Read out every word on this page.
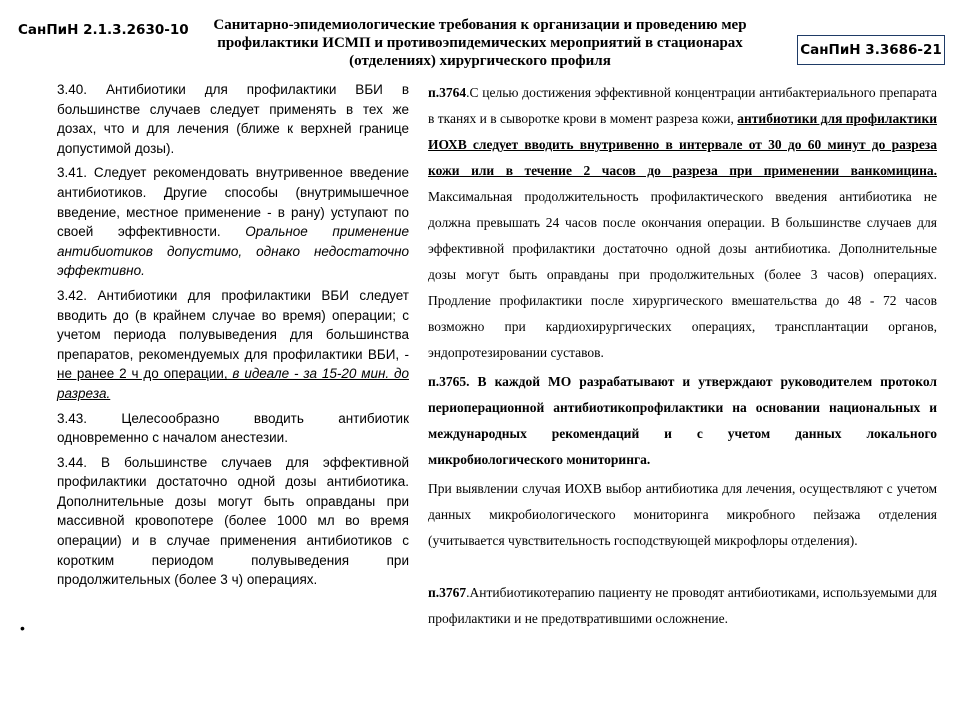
СанПиН 2.1.3.2630-10	Санитарно-эпидемиологические требования к организации и проведению мер профилактики ИСМП и противоэпидемических мероприятий в стационарах (отделениях) хирургического профиля
СанПиН 3.3686-21

3.40. Антибиотики для профилактики ВБИ в большинстве случаев следует применять в тех же дозах, что и для лечения (ближе к верхней границе допустимой дозы).

3.41. Следует рекомендовать внутривенное введение антибиотиков. Другие способы (внутримышечное введение, местное применение - в рану) уступают по своей эффективности. Оральное применение антибиотиков допустимо, однако недостаточно эффективно.

3.42. Антибиотики для профилактики ВБИ следует вводить до (в крайнем случае во время) операции; с учетом периода полувыведения для большинства препаратов, рекомендуемых для профилактики ВБИ, - не ранее 2 ч до операции, в идеале - за 15-20 мин. до разреза.

3.43. Целесообразно вводить антибиотик одновременно с началом анестезии.

3.44. В большинстве случаев для эффективной профилактики достаточно одной дозы антибиотика. Дополнительные дозы могут быть оправданы при массивной кровопотере (более 1000 мл во время операции) и в случае применения антибиотиков с коротким периодом полувыведения при продолжительных (более 3 ч) операциях.

•

п.3764.С целью достижения эффективной концентрации антибактериального препарата в тканях и в сыворотке крови в момент разреза кожи, антибиотики для профилактики ИОХВ следует вводить внутривенно в интервале от 30 до 60 минут до разреза кожи или в течение 2 часов до разреза при применении ванкомицина. Максимальная продолжительность профилактического введения антибиотика не должна превышать 24 часов после окончания операции. В большинстве случаев для эффективной профилактики достаточно одной дозы антибиотика. Дополнительные дозы могут быть оправданы при продолжительных (более 3 часов) операциях. Продление профилактики после хирургического вмешательства до 48 - 72 часов возможно при кардиохирургических операциях, трансплантации органов, эндопротезировании суставов.

п.3765. В каждой МО разрабатывают и утверждают руководителем протокол периоперационной антибиотикопрофилактики на основании национальных и международных рекомендаций и с учетом данных локального микробиологического мониторинга.

При выявлении случая ИОХВ выбор антибиотика для лечения, осуществляют с учетом данных микробиологического мониторинга микробного пейзажа отделения (учитывается чувствительность господствующей микрофлоры отделения).

п.3767.Антибиотикотерапию пациенту не проводят антибиотиками, используемыми для профилактики и не предотвратившими осложнение.
